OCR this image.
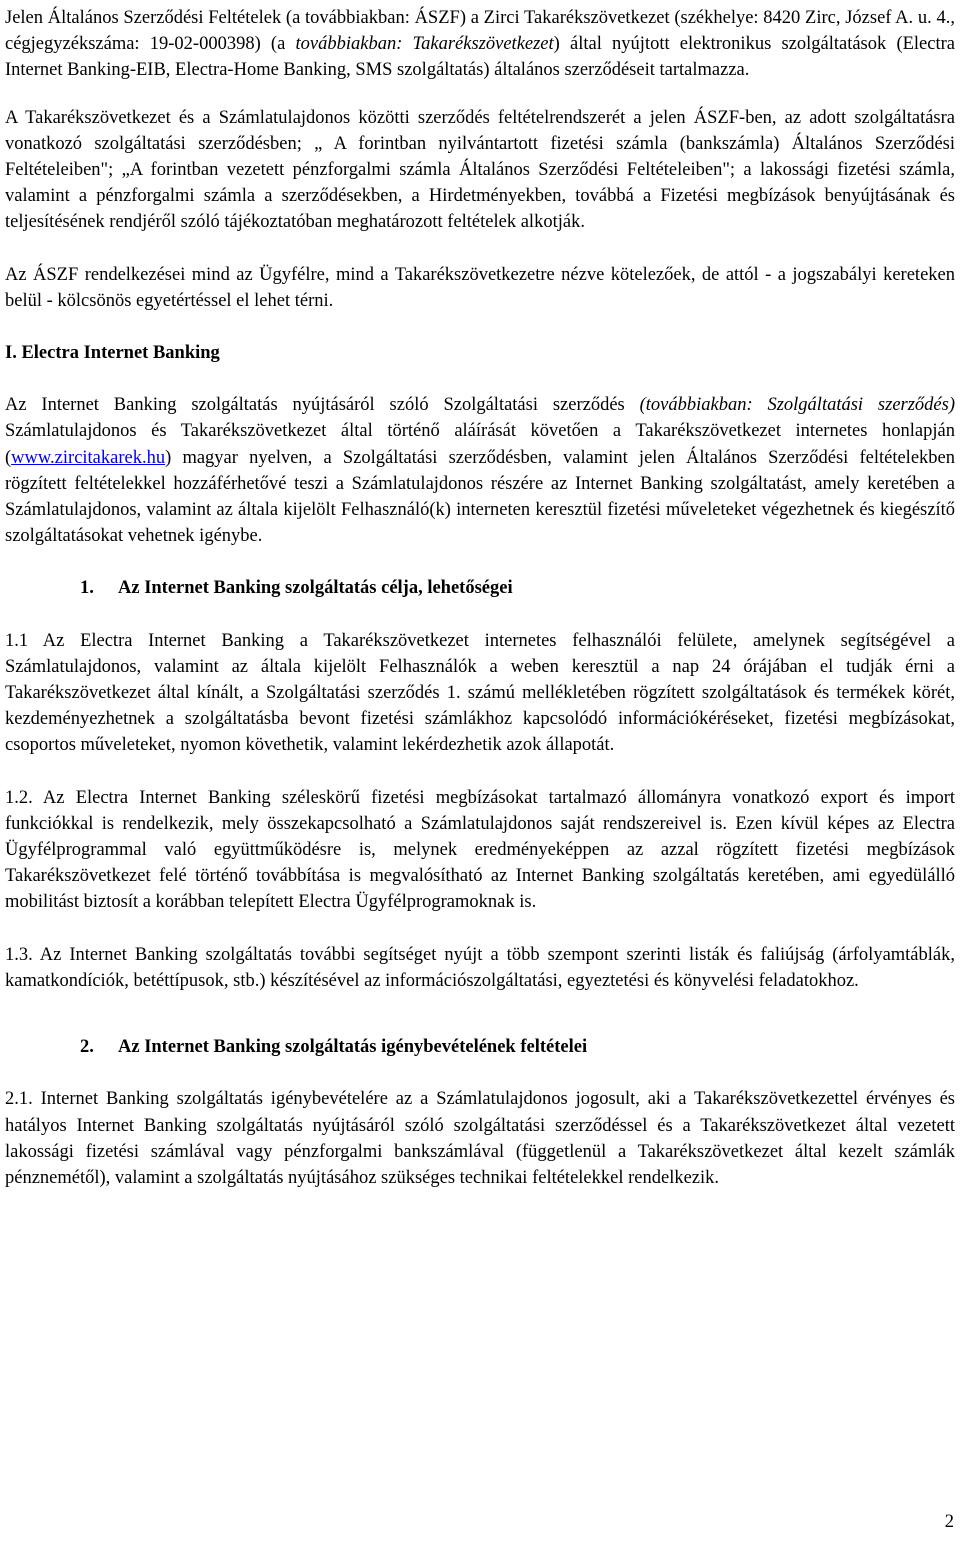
Jelen Általános Szerződési Feltételek (a továbbiakban: ÁSZF) a Zirci Takarékszövetkezet (székhelye: 8420 Zirc, József A. u. 4., cégjegyzékszáma: 19-02-000398) (a továbbiakban: Takarékszövetkezet) által nyújtott elektronikus szolgáltatások (Electra Internet Banking-EIB, Electra-Home Banking, SMS szolgáltatás) általános szerződéseit tartalmazza.

A Takarékszövetkezet és a Számlatulajdonos közötti szerződés feltételrendszerét a jelen ÁSZF-ben, az adott szolgáltatásra vonatkozó szolgáltatási szerződésben; „ A forintban nyilvántartott fizetési számla (bankszámla) Általános Szerződési Feltételeiben"; „A forintban vezetett pénzforgalmi számla Általános Szerződési Feltételeiben"; a lakossági fizetési számla, valamint a pénzforgalmi számla a szerződésekben, a Hirdetményekben, továbbá a Fizetési megbízások benyújtásának és teljesítésének rendjéről szóló tájékoztatóban meghatározott feltételek alkotják.

Az ÁSZF rendelkezései mind az Ügyfélre, mind a Takarékszövetkezetre nézve kötelezőek, de attól - a jogszabályi kereteken belül - kölcsönös egyetértéssel el lehet térni.

I. Electra Internet Banking

Az Internet Banking szolgáltatás nyújtásáról szóló Szolgáltatási szerződés (továbbiakban: Szolgáltatási szerződés) Számlatulajdonos és Takarékszövetkezet által történő aláírását követően a Takarékszövetkezet internetes honlapján (www.zircitakarek.hu) magyar nyelven, a Szolgáltatási szerződésben, valamint jelen Általános Szerződési feltételekben rögzített feltételekkel hozzáférhetővé teszi a Számlatulajdonos részére az Internet Banking szolgáltatást, amely keretében a Számlatulajdonos, valamint az általa kijelölt Felhasználó(k) interneten keresztül fizetési műveleteket végezhetnek és kiegészítő szolgáltatásokat vehetnek igénybe.

1. Az Internet Banking szolgáltatás célja, lehetőségei

1.1 Az Electra Internet Banking a Takarékszövetkezet internetes felhasználói felülete, amelynek segítségével a Számlatulajdonos, valamint az általa kijelölt Felhasználók a weben keresztül a nap 24 órájában el tudják érni a Takarékszövetkezet által kínált, a Szolgáltatási szerződés 1. számú mellékletében rögzített szolgáltatások és termékek körét, kezdeményezhetnek a szolgáltatásba bevont fizetési számlákhoz kapcsolódó információkéréseket, fizetési megbízásokat, csoportos műveleteket, nyomon követhetik, valamint lekérdezhetik azok állapotát.

1.2. Az Electra Internet Banking széleskörű fizetési megbízásokat tartalmazó állományra vonatkozó export és import funkciókkal is rendelkezik, mely összekapcsolható a Számlatulajdonos saját rendszereivel is. Ezen kívül képes az Electra Ügyfélprogrammal való együttműködésre is, melynek eredményeképpen az azzal rögzített fizetési megbízások Takarékszövetkezet felé történő továbbítása is megvalósítható az Internet Banking szolgáltatás keretében, ami egyedülálló mobilitást biztosít a korábban telepített Electra Ügyfélprogramoknak is.

1.3. Az Internet Banking szolgáltatás további segítséget nyújt a több szempont szerinti listák és faliújság (árfolyamtáblák, kamatkondíciók, betéttípusok, stb.) készítésével az információszolgáltatási, egyeztetési és könyvelési feladatokhoz.

2. Az Internet Banking szolgáltatás igénybevételének feltételei

2.1. Internet Banking szolgáltatás igénybevételére az a Számlatulajdonos jogosult, aki a Takarékszövetkezettel érvényes és hatályos Internet Banking szolgáltatás nyújtásáról szóló szolgáltatási szerződéssel és a Takarékszövetkezet által vezetett lakossági fizetési számlával vagy pénzforgalmi bankszámlával (függetlenül a Takarékszövetkezet által kezelt számlák pénznemétől), valamint a szolgáltatás nyújtásához szükséges technikai feltételekkel rendelkezik.

2
